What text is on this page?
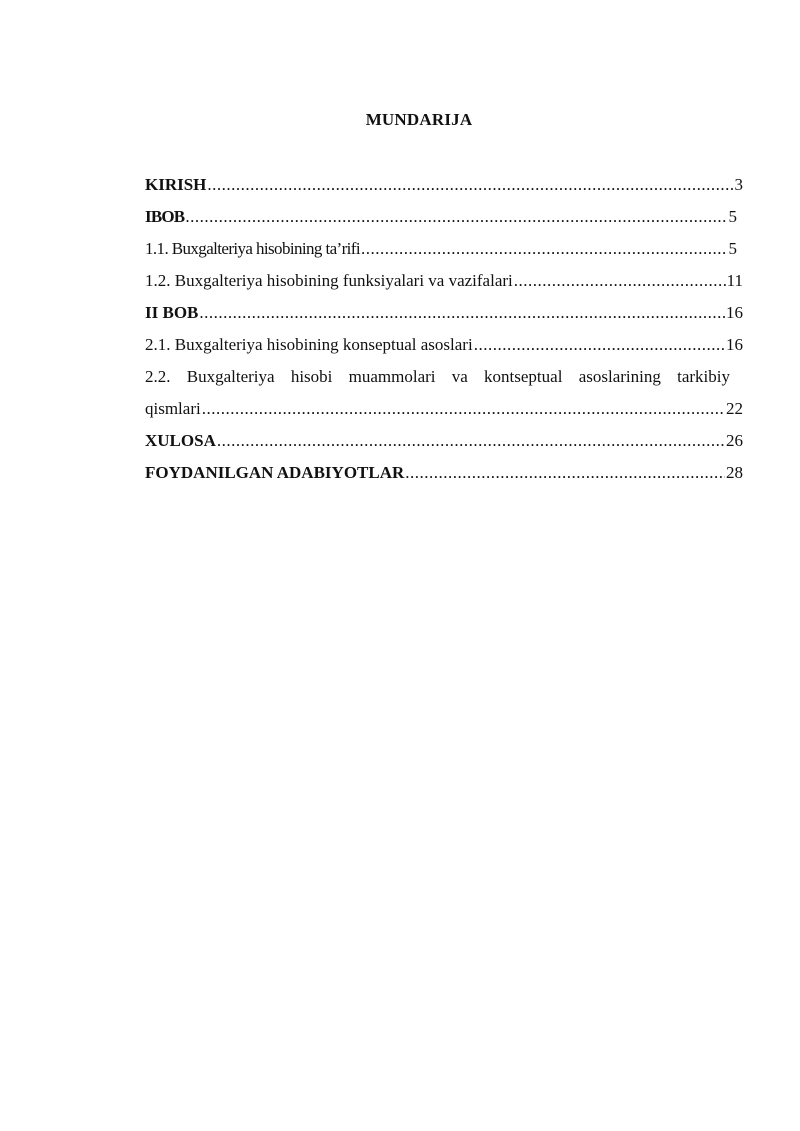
MUNDARIJA
KIRISH .....	3
IBOB .....	5
1.1. Buxgalteriya hisobining ta’rifi .....	5
1.2. Buxgalteriya hisobining funksiyalari va vazifalari .....	11
II BOB .....	16
2.1. Buxgalteriya hisobining konseptual asoslari .....	16
2.2. Buxgalteriya hisobi muammolari va kontseptual asoslarining tarkibiy
qismlari .....	22
XULOSA .....	26
FOYDANILGAN ADABIYOTLAR .....	28
